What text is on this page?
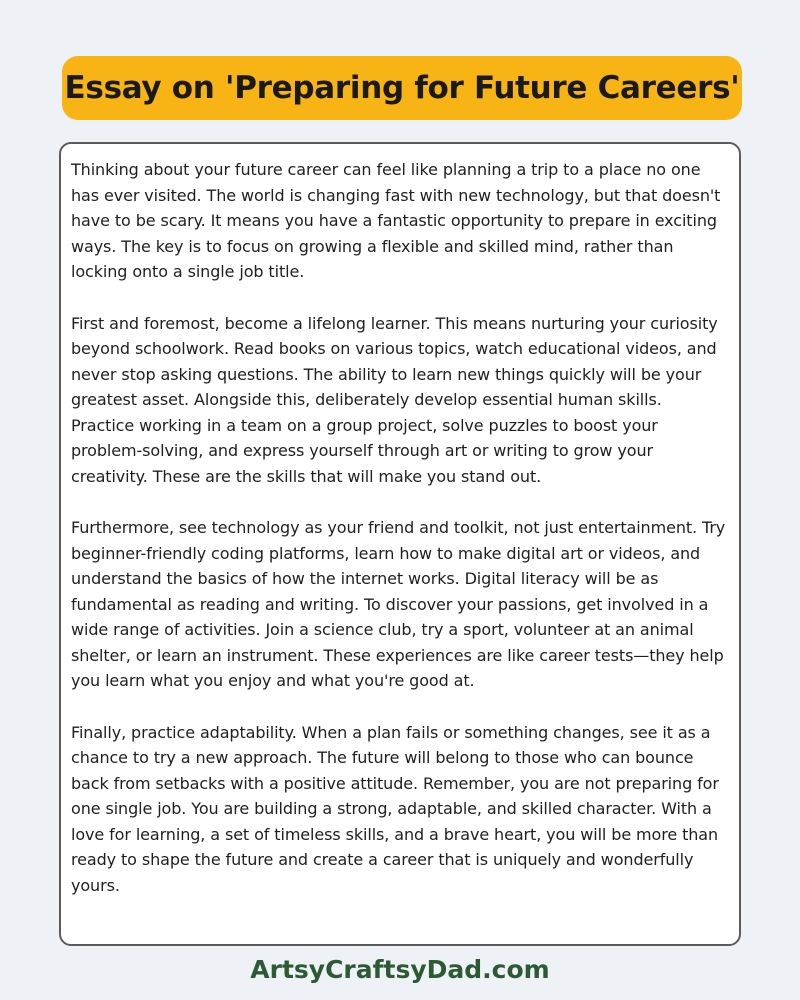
Essay on 'Preparing for Future Careers'

Thinking about your future career can feel like planning a trip to a place no one has ever visited. The world is changing fast with new technology, but that doesn't have to be scary. It means you have a fantastic opportunity to prepare in exciting ways. The key is to focus on growing a flexible and skilled mind, rather than locking onto a single job title.

First and foremost, become a lifelong learner. This means nurturing your curiosity beyond schoolwork. Read books on various topics, watch educational videos, and never stop asking questions. The ability to learn new things quickly will be your greatest asset. Alongside this, deliberately develop essential human skills. Practice working in a team on a group project, solve puzzles to boost your problem-solving, and express yourself through art or writing to grow your creativity. These are the skills that will make you stand out.

Furthermore, see technology as your friend and toolkit, not just entertainment. Try beginner-friendly coding platforms, learn how to make digital art or videos, and understand the basics of how the internet works. Digital literacy will be as fundamental as reading and writing. To discover your passions, get involved in a wide range of activities. Join a science club, try a sport, volunteer at an animal shelter, or learn an instrument. These experiences are like career tests—they help you learn what you enjoy and what you're good at.

Finally, practice adaptability. When a plan fails or something changes, see it as a chance to try a new approach. The future will belong to those who can bounce back from setbacks with a positive attitude. Remember, you are not preparing for one single job. You are building a strong, adaptable, and skilled character. With a love for learning, a set of timeless skills, and a brave heart, you will be more than ready to shape the future and create a career that is uniquely and wonderfully yours.

ArtsyCraftsyDad.com
